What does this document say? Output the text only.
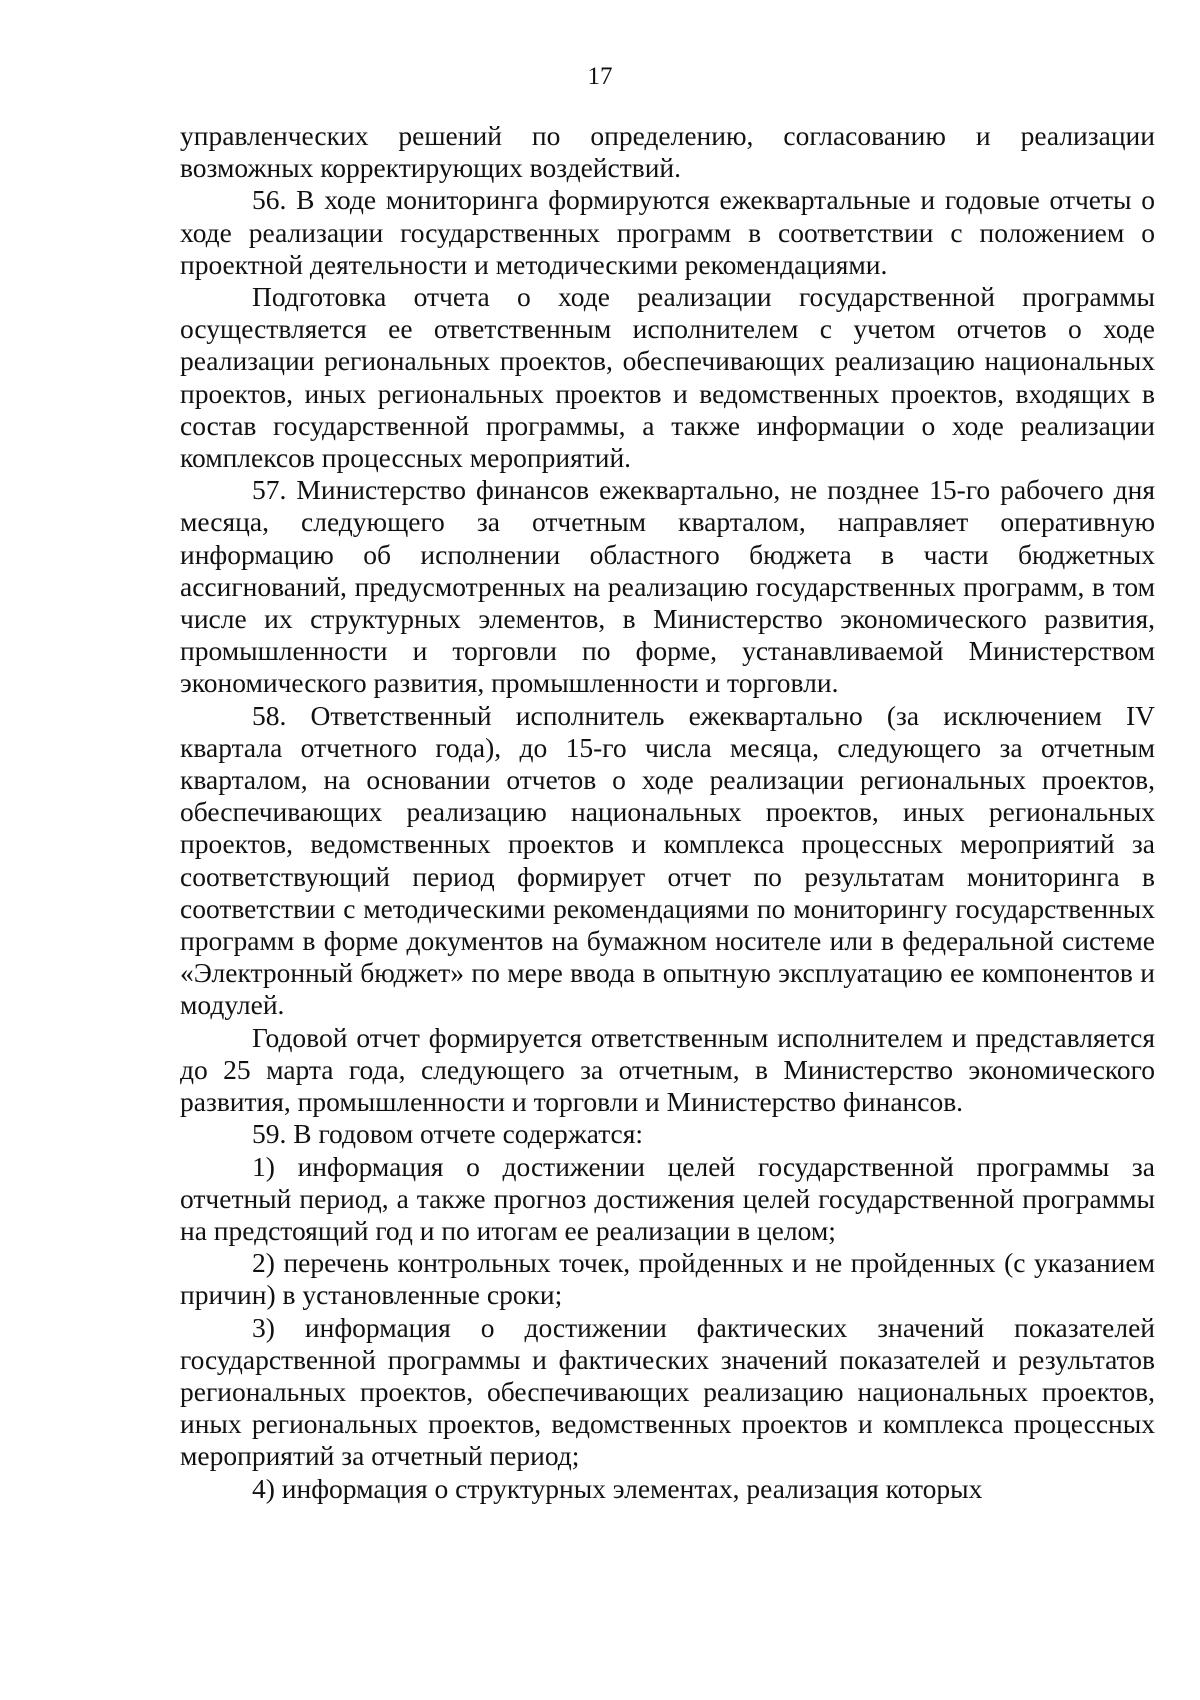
17

управленческих решений по определению, согласованию и реализации возможных корректирующих воздействий.

56. В ходе мониторинга формируются ежеквартальные и годовые отчеты о ходе реализации государственных программ в соответствии с положением о проектной деятельности и методическими рекомендациями.

Подготовка отчета о ходе реализации государственной программы осуществляется ее ответственным исполнителем с учетом отчетов о ходе реализации региональных проектов, обеспечивающих реализацию национальных проектов, иных региональных проектов и ведомственных проектов, входящих в состав государственной программы, а также информации о ходе реализации комплексов процессных мероприятий.

57. Министерство финансов ежеквартально, не позднее 15-го рабочего дня месяца, следующего за отчетным кварталом, направляет оперативную информацию об исполнении областного бюджета в части бюджетных ассигнований, предусмотренных на реализацию государственных программ, в том числе их структурных элементов, в Министерство экономического развития, промышленности и торговли по форме, устанавливаемой Министерством экономического развития, промышленности и торговли.

58. Ответственный исполнитель ежеквартально (за исключением IV квартала отчетного года), до 15-го числа месяца, следующего за отчетным кварталом, на основании отчетов о ходе реализации региональных проектов, обеспечивающих реализацию национальных проектов, иных региональных проектов, ведомственных проектов и комплекса процессных мероприятий за соответствующий период формирует отчет по результатам мониторинга в соответствии с методическими рекомендациями по мониторингу государственных программ в форме документов на бумажном носителе или в федеральной системе «Электронный бюджет» по мере ввода в опытную эксплуатацию ее компонентов и модулей.

Годовой отчет формируется ответственным исполнителем и представляется до 25 марта года, следующего за отчетным, в Министерство экономического развития, промышленности и торговли и Министерство финансов.

59. В годовом отчете содержатся:

1) информация о достижении целей государственной программы за отчетный период, а также прогноз достижения целей государственной программы на предстоящий год и по итогам ее реализации в целом;

2) перечень контрольных точек, пройденных и не пройденных (с указанием причин) в установленные сроки;

3) информация о достижении фактических значений показателей государственной программы и фактических значений показателей и результатов региональных проектов, обеспечивающих реализацию национальных проектов, иных региональных проектов, ведомственных проектов и комплекса процессных мероприятий за отчетный период;

4) информация о структурных элементах, реализация которых
